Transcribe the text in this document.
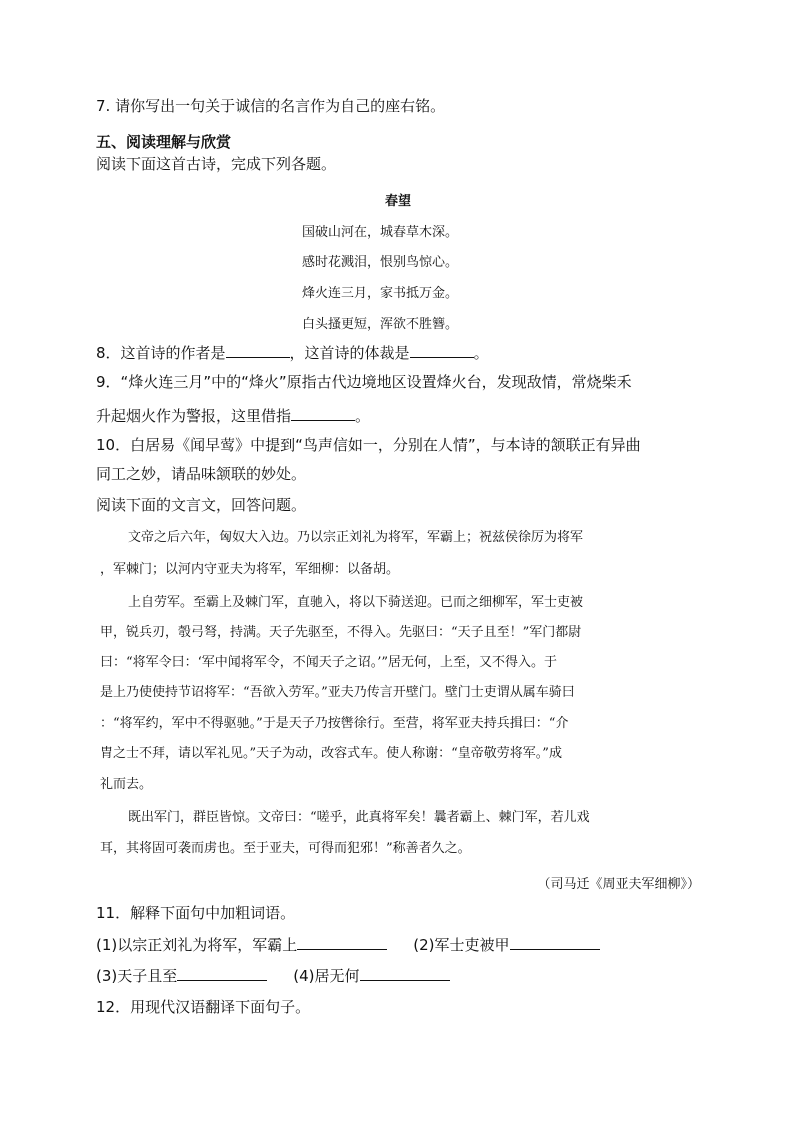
7. 请你写出一句关于诚信的名言作为自己的座右铭。
五、阅读理解与欣赏
阅读下面这首古诗，完成下列各题。
春望
国破山河在，城春草木深。
感时花溅泪，恨别鸟惊心。
烽火连三月，家书抵万金。
白头搔更短，浑欲不胜簪。
8．这首诗的作者是	，这首诗的体裁是	。
9．“烽火连三月”中的“烽火”原指古代边境地区设置烽火台，发现敌情，常烧柴禾
升起烟火作为警报，这里借指	。
10．白居易《闻早莺》中提到“鸟声信如一，分别在人情”，与本诗的颔联正有异曲
同工之妙，请品味颔联的妙处。
阅读下面的文言文，回答问题。
文帝之后六年，匈奴大入边。乃以宗正刘礼为将军，军霸上；祝兹侯徐厉为将军
，军棘门；以河内守亚夫为将军，军细柳：以备胡。
上自劳军。至霸上及棘门军，直驰入，将以下骑送迎。已而之细柳军，军士吏被
甲，锐兵刃，彀弓弩，持满。天子先驱至，不得入。先驱曰：“天子且至！”军门都尉
曰：“将军令曰：‘军中闻将军令，不闻天子之诏。’”居无何，上至，又不得入。于
是上乃使使持节诏将军：“吾欲入劳军。”亚夫乃传言开壁门。壁门士吏谓从属车骑曰
：“将军约，军中不得驱驰。”于是天子乃按辔徐行。至营，将军亚夫持兵揖曰：“介
胄之士不拜，请以军礼见。”天子为动，改容式车。使人称谢：“皇帝敬劳将军。”成
礼而去。
既出军门，群臣皆惊。文帝曰：“嗟乎，此真将军矣！曩者霸上、棘门军，若儿戏
耳，其将固可袭而虏也。至于亚夫，可得而犯邪！”称善者久之。
（司马迁《周亚夫军细柳》）
11．解释下面句中加粗词语。
(1)以宗正刘礼为将军，军霸上	(2)军士吏被甲
(3)天子且至	(4)居无何
12．用现代汉语翻译下面句子。
